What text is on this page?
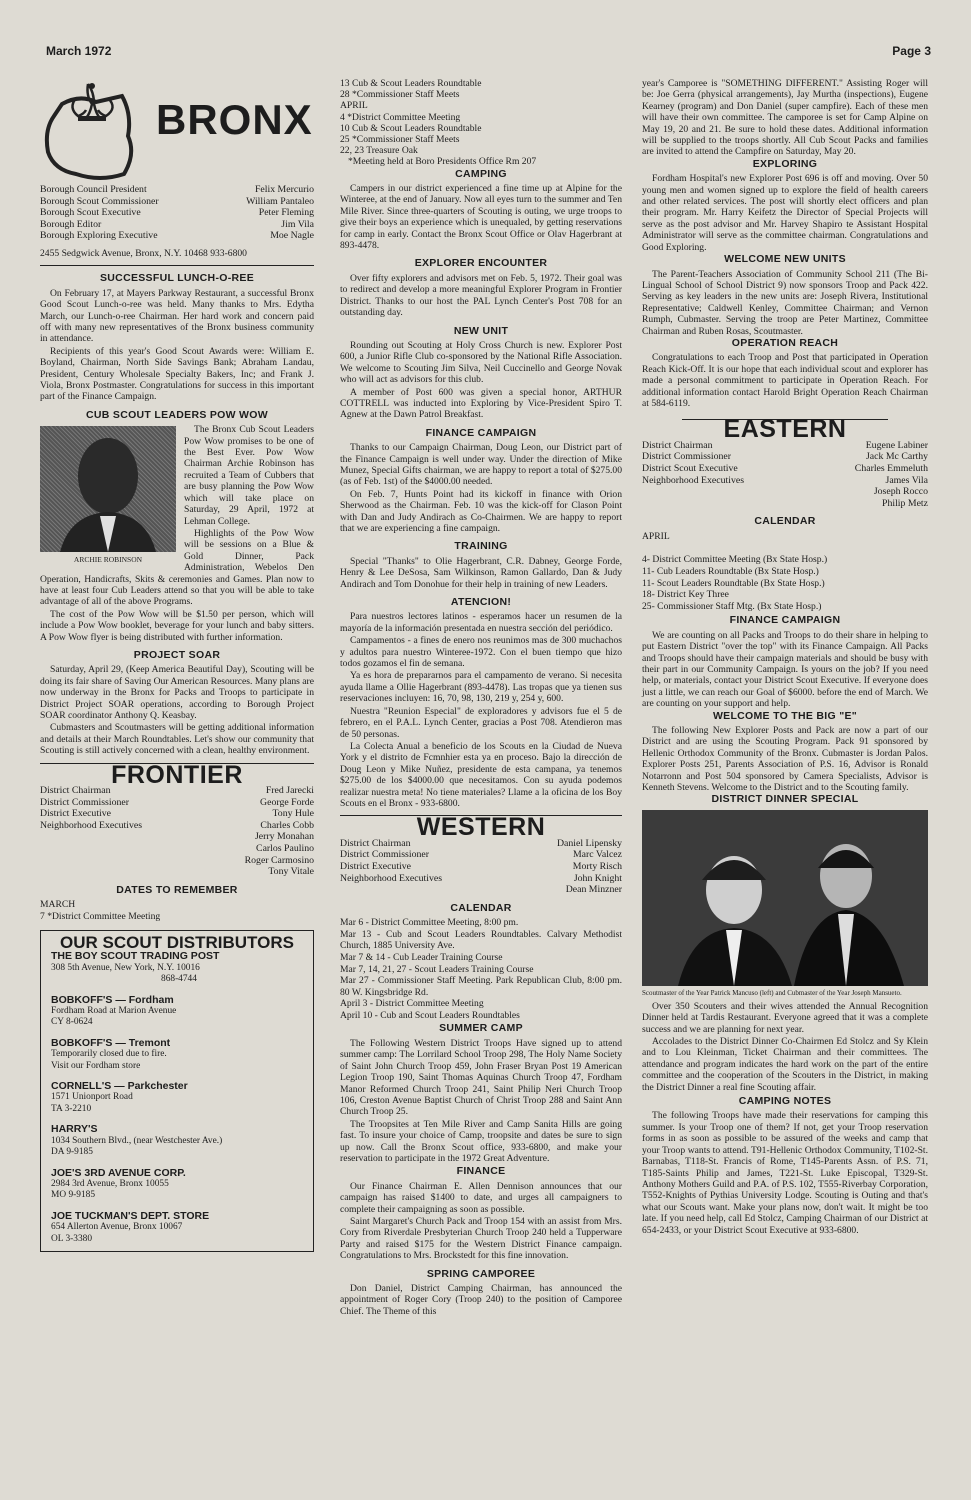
March 1972	Page 3
BRONX
Borough Council President	Felix Mercurio
Borough Scout Commissioner	William Pantaleo
Borough Scout Executive	Peter Fleming
Borough Editor	Jim Vila
Borough Exploring Executive	Moe Nagle
2455 Sedgwick Avenue, Bronx, N.Y. 10468 933-6800
SUCCESSFUL LUNCH-O-REE

On February 17, at Mayers Parkway Restaurant, a successful Bronx Good Scout Lunch-o-ree was held. Many thanks to Mrs. Edytha March, our Lunch-o-ree Chairman. Her hard work and concern paid off with many new representatives of the Bronx business community in attendance.

Recipients of this year's Good Scout Awards were: William E. Boyland, Chairman, North Side Savings Bank; Abraham Landau, President, Century Wholesale Specialty Bakers, Inc; and Frank J. Viola, Bronx Postmaster. Congratulations for success in this important part of the Finance Campaign.

CUB SCOUT LEADERS POW WOW
ARCHIE ROBINSON

The Bronx Cub Scout Leaders Pow Wow promises to be one of the Best Ever. Pow Wow Chairman Archie Robinson has recruited a Team of Cubbers that are busy planning the Pow Wow which will take place on Saturday, 29 April, 1972 at Lehman College.

Highlights of the Pow Wow will be sessions on a Blue & Gold Dinner, Pack Administration, Webelos Den Operation, Handicrafts, Skits & ceremonies and Games. Plan now to have at least four Cub Leaders attend so that you will be able to take advantage of all of the above Programs.

The cost of the Pow Wow will be $1.50 per person, which will include a Pow Wow booklet, beverage for your lunch and baby sitters. A Pow Wow flyer is being distributed with further information.

PROJECT SOAR

Saturday, April 29, (Keep America Beautiful Day), Scouting will be doing its fair share of Saving Our American Resources. Many plans are now underway in the Bronx for Packs and Troops to participate in District Project SOAR operations, according to Borough Project SOAR coordinator Anthony Q. Keasbay.

Cubmasters and Scoutmasters will be getting additional information and details at their March Roundtables. Let's show our community that Scouting is still actively concerned with a clean, healthy environment.

FRONTIER
District Chairman	Fred Jarecki
District Commissioner	George Forde
District Executive	Tony Hule
Neighborhood Executives	Charles Cobb
Jerry Monahan
Carlos Paulino
Roger Carmosino
Tony Vitale
DATES TO REMEMBER
MARCH
7 *District Committee Meeting
OUR SCOUT DISTRIBUTORS
THE BOY SCOUT TRADING POST
308 5th Avenue, New York, N.Y. 10016
868-4744
BOBKOFF'S — Fordham
Fordham Road at Marion Avenue
CY 8-0624
BOBKOFF'S — Tremont
Temporarily closed due to fire.
Visit our Fordham store
CORNELL'S — Parkchester
1571 Unionport Road
TA 3-2210
HARRY'S
1034 Southern Blvd., (near Westchester Ave.)
DA 9-9185
JOE'S 3RD AVENUE CORP.
2984 3rd Avenue, Bronx 10055
MO 9-9185
JOE TUCKMAN'S DEPT. STORE
654 Allerton Avenue, Bronx 10067
OL 3-3380
13 Cub & Scout Leaders Roundtable
28 *Commissioner Staff Meets
APRIL
4 *District Committee Meeting
10 Cub & Scout Leaders Roundtable
25 *Commissioner Staff Meets
22, 23 Treasure Oak
*Meeting held at Boro Presidents Office Rm 207
CAMPING

Campers in our district experienced a fine time up at Alpine for the Winteree, at the end of January. Now all eyes turn to the summer and Ten Mile River. Since three-quarters of Scouting is outing, we urge troops to give their boys an experience which is unequaled, by getting reservations for camp in early. Contact the Bronx Scout Office or Olav Hagerbrant at 893-4478.

EXPLORER ENCOUNTER

Over fifty explorers and advisors met on Feb. 5, 1972. Their goal was to redirect and develop a more meaningful Explorer Program in Frontier District. Thanks to our host the PAL Lynch Center's Post 708 for an outstanding day.

NEW UNIT

Rounding out Scouting at Holy Cross Church is new. Explorer Post 600, a Junior Rifle Club co-sponsored by the National Rifle Association. We welcome to Scouting Jim Silva, Neil Cuccinello and George Novak who will act as advisors for this club.

A member of Post 600 was given a special honor, ARTHUR COTTRELL was inducted into Exploring by Vice-President Spiro T. Agnew at the Dawn Patrol Breakfast.

FINANCE CAMPAIGN

Thanks to our Campaign Chairman, Doug Leon, our District part of the Finance Campaign is well under way. Under the direction of Mike Munez, Special Gifts chairman, we are happy to report a total of $275.00 (as of Feb. 1st) of the $4000.00 needed.

On Feb. 7, Hunts Point had its kickoff in finance with Orion Sherwood as the Chairman. Feb. 10 was the kick-off for Clason Point with Dan and Judy Andirach as Co-Chairmen. We are happy to report that we are experiencing a fine campaign.

TRAINING

Special "Thanks" to Olie Hagerbrant, C.R. Dabney, George Forde, Henry & Lee DeSosa, Sam Wilkinson, Ramon Gallardo, Dan & Judy Andirach and Tom Donohue for their help in training of new Leaders.

ATENCION!

Para nuestros lectores latinos - esperamos hacer un resumen de la mayoría de la información presentada en nuestra sección del periódico.

Campamentos - a fines de enero nos reunimos mas de 300 muchachos y adultos para nuestro Winteree-1972. Con el buen tiempo que hizo todos gozamos el fin de semana.

Ya es hora de prepararnos para el campamento de verano. Si necesita ayuda llame a Ollie Hagerbrant (893-4478). Las tropas que ya tienen sus reservaciones incluyen: 16, 70, 98, 130, 219 y, 254 y, 600.

Nuestra "Reunion Especial" de exploradores y advisors fue el 5 de febrero, en el P.A.L. Lynch Center, gracias a Post 708. Atendieron mas de 50 personas.

La Colecta Anual a beneficio de los Scouts en la Ciudad de Nueva York y el distrito de Fcmnhier esta ya en proceso. Bajo la dirección de Doug Leon y Mike Nuñez, presidente de esta campana, ya tenemos $275.00 de los $4000.00 que necesitamos. Con su ayuda podemos realizar nuestra meta! No tiene materiales? Llame a la oficina de los Boy Scouts en el Bronx - 933-6800.

WESTERN
District Chairman	Daniel Lipensky
District Commissioner	Marc Valcez
District Executive	Morty Risch
Neighborhood Executives	John Knight
Dean Minzner
CALENDAR
Mar 6 - District Committee Meeting, 8:00 pm.
Mar 13 - Cub and Scout Leaders Roundtables. Calvary Methodist Church, 1885 University Ave.
Mar 7 & 14 - Cub Leader Training Course
Mar 7, 14, 21, 27 - Scout Leaders Training Course
Mar 27 - Commissioner Staff Meeting. Park Republican Club, 8:00 pm. 80 W. Kingsbridge Rd.
April 3 - District Committee Meeting
April 10 - Cub and Scout Leaders Roundtables
SUMMER CAMP

The Following Western District Troops Have signed up to attend summer camp: The Lorrilard School Troop 298, The Holy Name Society of Saint John Church Troop 459, John Fraser Bryan Post 19 American Legion Troop 190, Saint Thomas Aquinas Church Troop 47, Fordham Manor Reformed Church Troop 241, Saint Philip Neri Church Troop 106, Creston Avenue Baptist Church of Christ Troop 288 and Saint Ann Church Troop 25.

The Troopsites at Ten Mile River and Camp Sanita Hills are going fast. To insure your choice of Camp, troopsite and dates be sure to sign up now. Call the Bronx Scout office, 933-6800, and make your reservation to participate in the 1972 Great Adventure.

FINANCE

Our Finance Chairman E. Allen Dennison announces that our campaign has raised $1400 to date, and urges all campaigners to complete their campaigning as soon as possible.

Saint Margaret's Church Pack and Troop 154 with an assist from Mrs. Cory from Riverdale Presbyterian Church Troop 240 held a Tupperware Party and raised $175 for the Western District Finance campaign. Congratulations to Mrs. Brockstedt for this fine innovation.

SPRING CAMPOREE

Don Daniel, District Camping Chairman, has announced the appointment of Roger Cory (Troop 240) to the position of Camporee Chief. The Theme of this

year's Camporee is "SOMETHING DIFFERENT." Assisting Roger will be: Joe Gerra (physical arrangements), Jay Murtha (inspections), Eugene Kearney (program) and Don Daniel (super campfire). Each of these men will have their own committee. The camporee is set for Camp Alpine on May 19, 20 and 21. Be sure to hold these dates. Additional information will be supplied to the troops shortly. All Cub Scout Packs and families are invited to attend the Campfire on Saturday, May 20.

EXPLORING

Fordham Hospital's new Explorer Post 696 is off and moving. Over 50 young men and women signed up to explore the field of health careers and other related services. The post will shortly elect officers and plan their program. Mr. Harry Keifetz the Director of Special Projects will serve as the post advisor and Mr. Harvey Shapiro te Assistant Hospital Administrator will serve as the committee chairman. Congratulations and Good Exploring.

WELCOME NEW UNITS

The Parent-Teachers Association of Community School 211 (The Bi-Lingual School of School District 9) now sponsors Troop and Pack 422. Serving as key leaders in the new units are: Joseph Rivera, Institutional Representative; Caldwell Kenley, Committee Chairman; and Vernon Rumph, Cubmaster. Serving the troop are Peter Martinez, Committee Chairman and Ruben Rosas, Scoutmaster.

OPERATION REACH

Congratulations to each Troop and Post that participated in Operation Reach Kick-Off. It is our hope that each individual scout and explorer has made a personal commitment to participate in Operation Reach. For additional information contact Harold Bright Operation Reach Chairman at 584-6119.

EASTERN
District Chairman	Eugene Labiner
District Commissioner	Jack Mc Carthy
District Scout Executive	Charles Emmeluth
Neighborhood Executives	James Vila
Joseph Rocco
Philip Metz
CALENDAR
APRIL
4- District Committee Meeting (Bx State Hosp.)
11- Cub Leaders Roundtable (Bx State Hosp.)
11- Scout Leaders Roundtable (Bx State Hosp.)
18- District Key Three
25- Commissioner Staff Mtg. (Bx State Hosp.)
FINANCE CAMPAIGN

We are counting on all Packs and Troops to do their share in helping to put Eastern District "over the top" with its Finance Campaign. All Packs and Troops should have their campaign materials and should be busy with their part in our Community Campaign. Is yours on the job? If you need help, or materials, contact your District Scout Executive. If everyone does just a little, we can reach our Goal of $6000. before the end of March. We are counting on your support and help.

WELCOME TO THE BIG "E"

The following New Explorer Posts and Pack are now a part of our District and are using the Scouting Program. Pack 91 sponsored by Hellenic Orthodox Community of the Bronx. Cubmaster is Jordan Palos. Explorer Posts 251, Parents Association of P.S. 16, Advisor is Ronald Notarronn and Post 504 sponsored by Camera Specialists, Advisor is Kenneth Stevens. Welcome to the District and to the Scouting family.

DISTRICT DINNER SPECIAL
Scoutmaster of the Year Patrick Mancuso (left) and Cubmaster of the Year Joseph Mansueto.

Over 350 Scouters and their wives attended the Annual Recognition Dinner held at Tardis Restaurant. Everyone agreed that it was a complete success and we are planning for next year.

Accolades to the District Dinner Co-Chairmen Ed Stolcz and Sy Klein and to Lou Kleinman, Ticket Chairman and their committees. The attendance and program indicates the hard work on the part of the entire committee and the cooperation of the Scouters in the District, in making the District Dinner a real fine Scouting affair.

CAMPING NOTES

The following Troops have made their reservations for camping this summer. Is your Troop one of them? If not, get your Troop reservation forms in as soon as possible to be assured of the weeks and camp that your Troop wants to attend. T91-Hellenic Orthodox Community, T102-St. Barnabas, T118-St. Francis of Rome, T145-Parents Assn. of P.S. 71, T185-Saints Philip and James, T221-St. Luke Episcopal, T329-St. Anthony Mothers Guild and P.A. of P.S. 102, T555-Riverbay Corporation, T552-Knights of Pythias University Lodge. Scouting is Outing and that's what our Scouts want. Make your plans now, don't wait. It might be too late. If you need help, call Ed Stolcz, Camping Chairman of our District at 654-2433, or your District Scout Executive at 933-6800.
